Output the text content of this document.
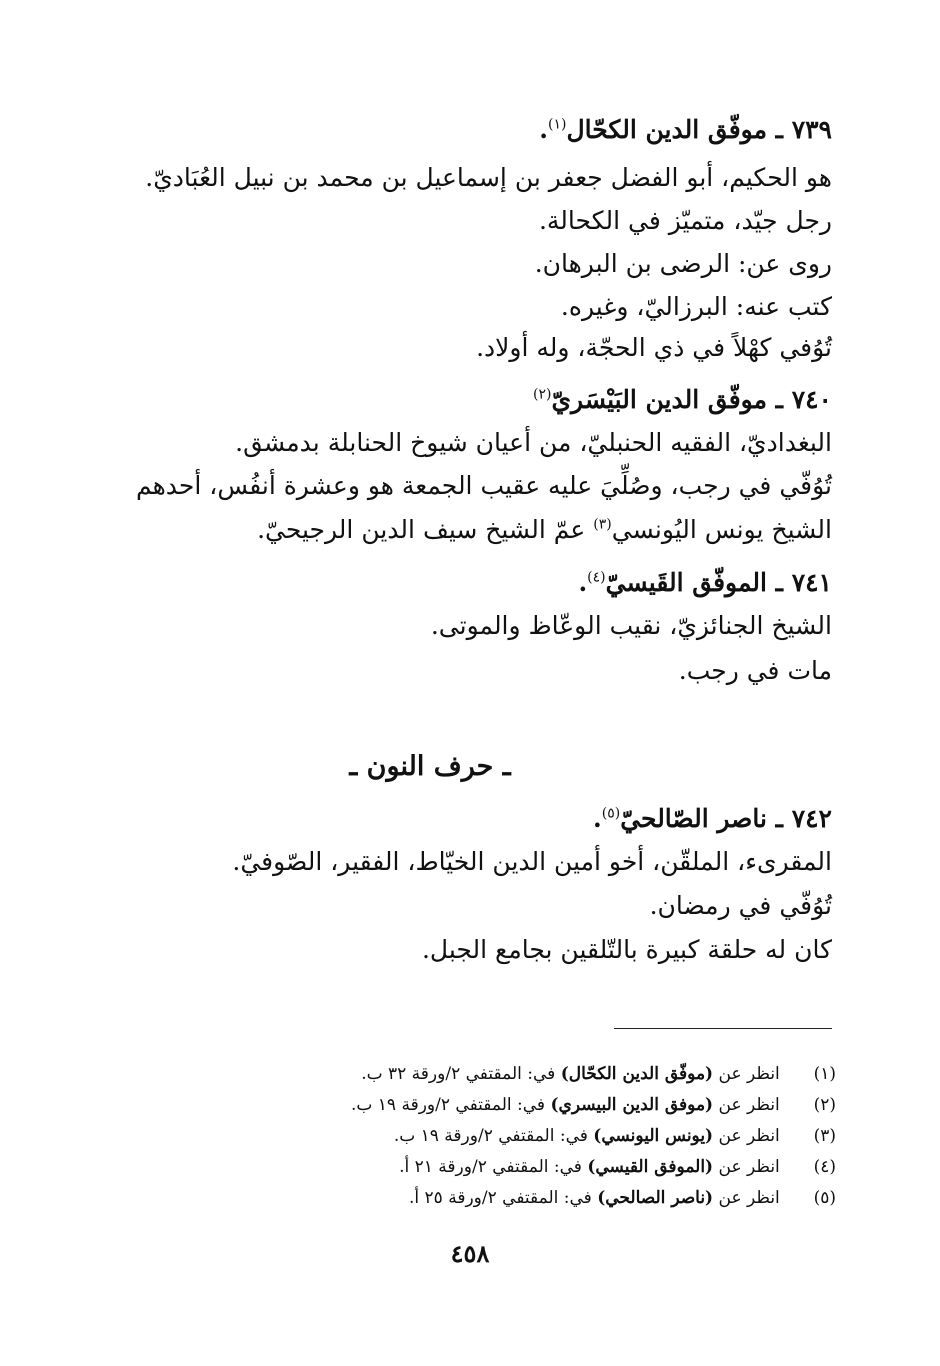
٧٣٩ ـ موفّق الدين الكحّال$^{(١)}$.
هو الحكيم، أبو الفضل جعفر بن إسماعيل بن محمد بن نبيل العُبَاديّ.
رجل جيّد، متميّز في الكحالة.
روى عن: الرضى بن البرهان.
كتب عنه: البرزاليّ، وغيره.
تُوُفي كهْلاً في ذي الحجّة، وله أولاد.
٧٤٠ ـ موفّق الدين البَيْسَريّ$^{(٢)}$
البغداديّ، الفقيه الحنبليّ، من أعيان شيوخ الحنابلة بدمشق.
تُوُفّي في رجب، وصُلِّيَ عليه عقيب الجمعة هو وعشرة أنفُس، أحدهم
الشيخ يونس اليُونسي$^{(٣)}$ عمّ الشيخ سيف الدين الرجيحيّ.
٧٤١ ـ الموفّق القَيسيّ$^{(٤)}$.
الشيخ الجنائزيّ، نقيب الوعّاظ والموتى.
مات في رجب.
ـ حرف النون ـ
٧٤٢ ـ ناصر الصّالحيّ$^{(٥)}$.
المقرىء، الملقّن، أخو أمين الدين الخيّاط، الفقير، الصّوفيّ.
تُوُفّي في رمضان.
كان له حلقة كبيرة بالتّلقين بجامع الجبل.
(١)   انظر عن (موفّق الدين الكحّال) في: المقتفي ٢/ورقة ٣٢ ب.
(٢)   انظر عن (موفق الدين البيسري) في: المقتفي ٢/ورقة ١٩ ب.
(٣)   انظر عن (يونس اليونسي) في: المقتفي ٢/ورقة ١٩ ب.
(٤)   انظر عن (الموفق القيسي) في: المقتفي ٢/ورقة ٢١ أ.
(٥)   انظر عن (ناصر الصالحي) في: المقتفي ٢/ورقة ٢٥ أ.
٤٥٨
